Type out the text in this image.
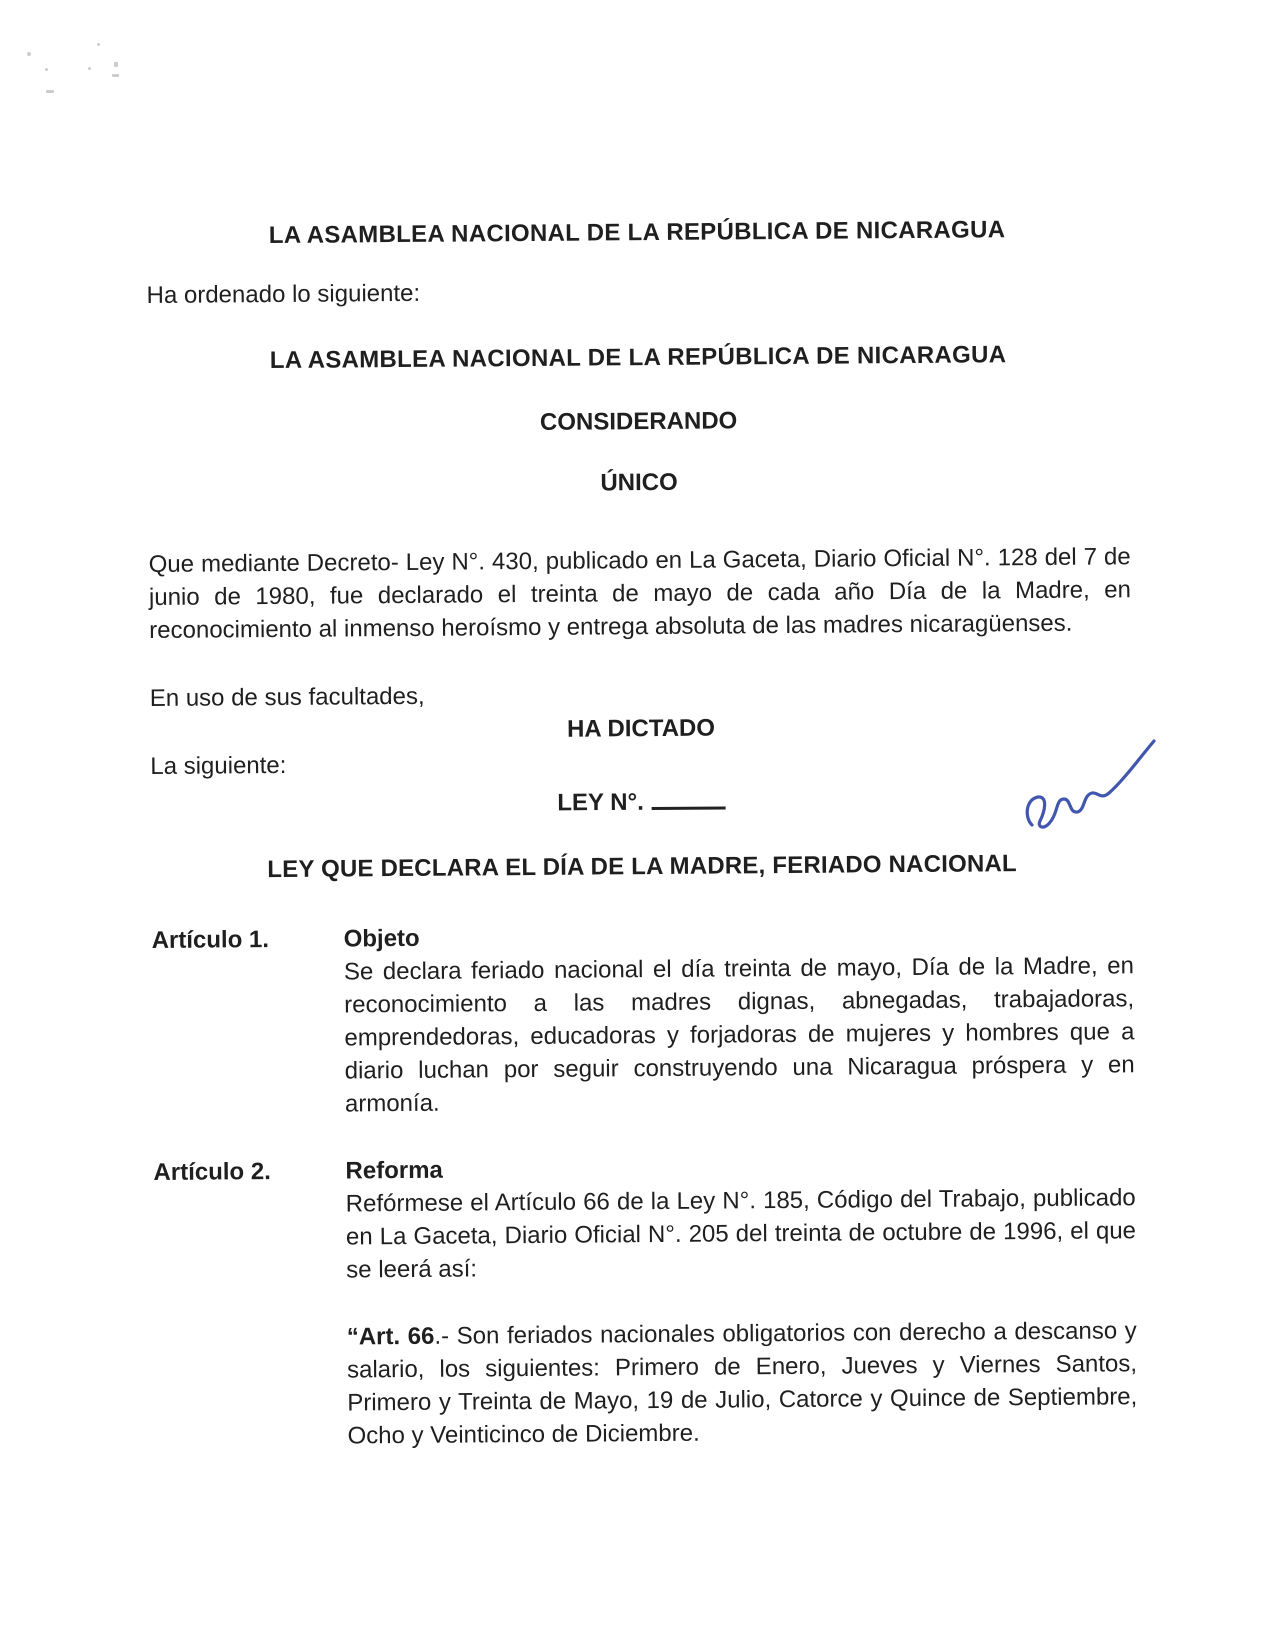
LA ASAMBLEA NACIONAL DE LA REPÚBLICA DE NICARAGUA

Ha ordenado lo siguiente:

LA ASAMBLEA NACIONAL DE LA REPÚBLICA DE NICARAGUA
CONSIDERANDO
ÚNICO

Que mediante Decreto- Ley N°. 430, publicado en La Gaceta, Diario Oficial N°. 128 del 7 de junio de 1980, fue declarado el treinta de mayo de cada año Día de la Madre, en reconocimiento al inmenso heroísmo y entrega absoluta de las madres nicaragüenses.

En uso de sus facultades,

HA DICTADO

La siguiente:

LEY N°.

LEY QUE DECLARA EL DÍA DE LA MADRE, FERIADO NACIONAL
Artículo 1.	Objeto

Se declara feriado nacional el día treinta de mayo, Día de la Madre, en reconocimiento a las madres dignas, abnegadas, trabajadoras, emprendedoras, educadoras y forjadoras de mujeres y hombres que a diario luchan por seguir construyendo una Nicaragua próspera y en armonía.

Artículo 2.	Reforma

Refórmese el Artículo 66 de la Ley N°. 185, Código del Trabajo, publicado en La Gaceta, Diario Oficial N°. 205 del treinta de octubre de 1996, el que se leerá así:

“Art. 66.- Son feriados nacionales obligatorios con derecho a descanso y salario, los siguientes: Primero de Enero, Jueves y Viernes Santos, Primero y Treinta de Mayo, 19 de Julio, Catorce y Quince de Septiembre, Ocho y Veinticinco de Diciembre.
